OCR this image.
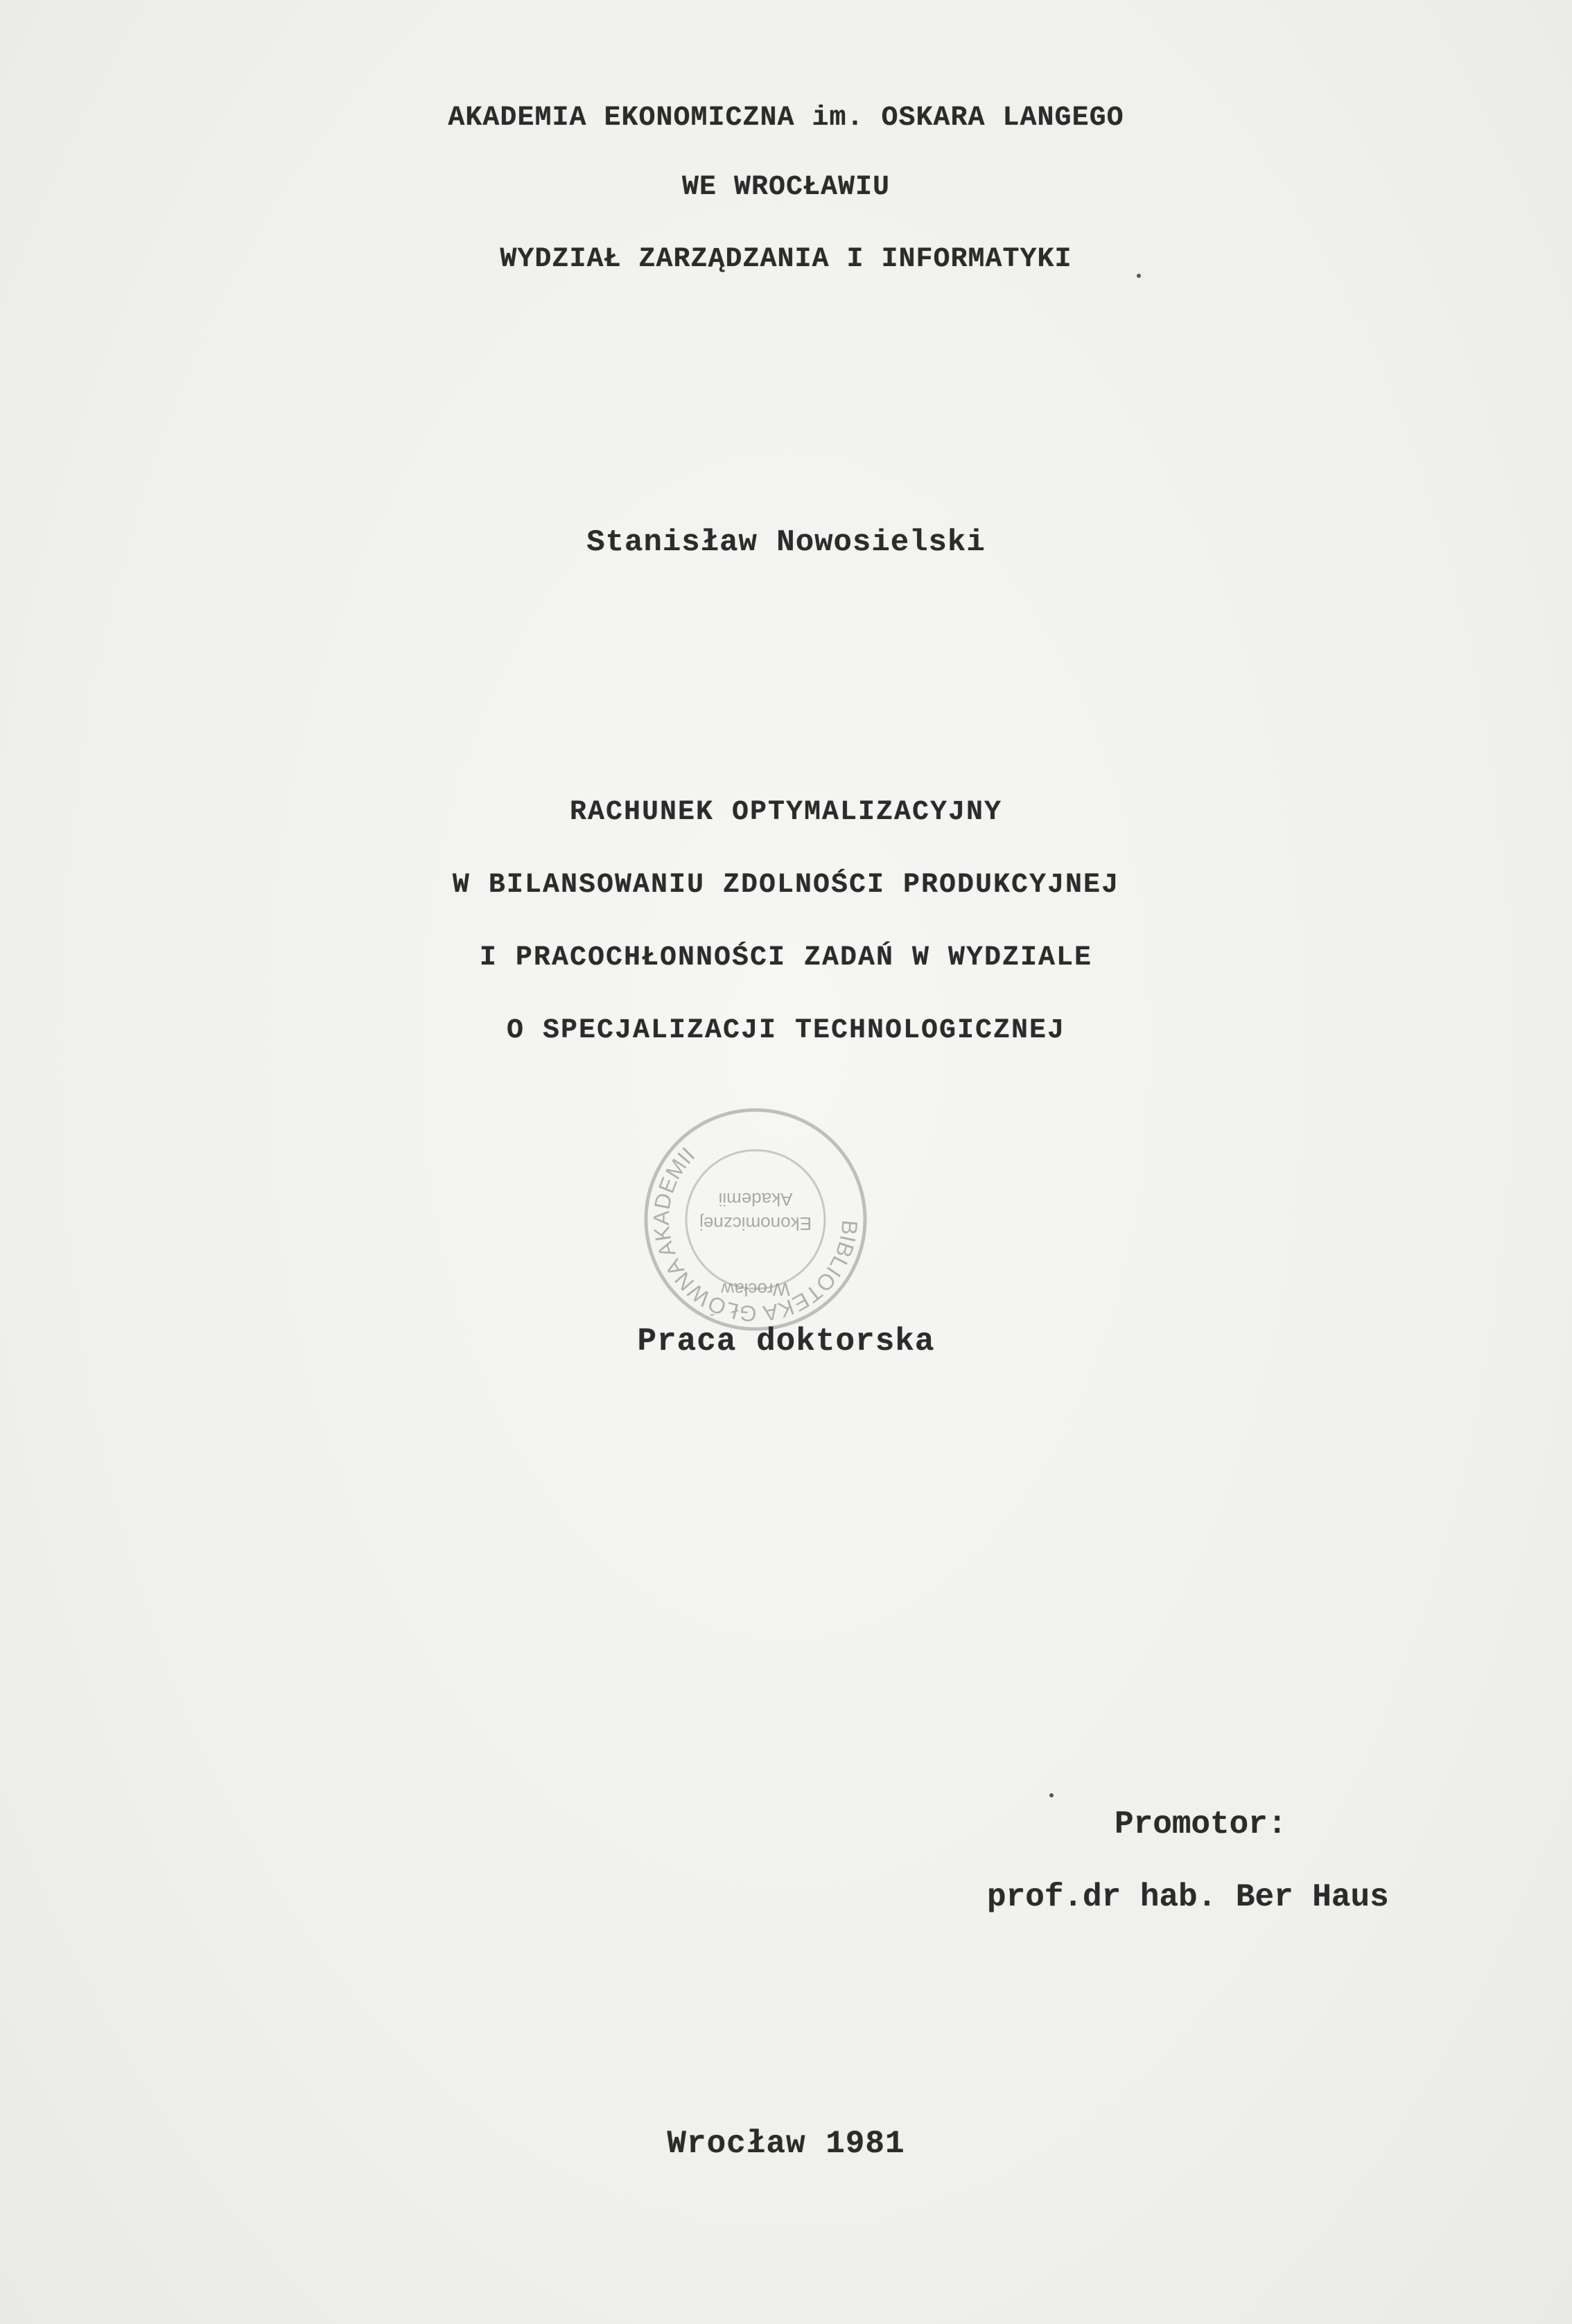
AKADEMIA EKONOMICZNA im. OSKARA LANGEGO
WE WROCŁAWIU
WYDZIAŁ ZARZĄDZANIA I INFORMATYKI
Stanisław Nowosielski
RACHUNEK OPTYMALIZACYJNY
W BILANSOWANIU ZDOLNOŚCI PRODUKCYJNEJ
I PRACOCHŁONNOŚCI ZADAŃ W WYDZIALE
O SPECJALIZACJI TECHNOLOGICZNEJ
BIBLIOTEKA GŁÓWNA AKADEMII
Akademii
Ekonomicznej
Wrocław
Praca doktorska
Promotor:
prof.dr hab. Ber Haus
Wrocław 1981
